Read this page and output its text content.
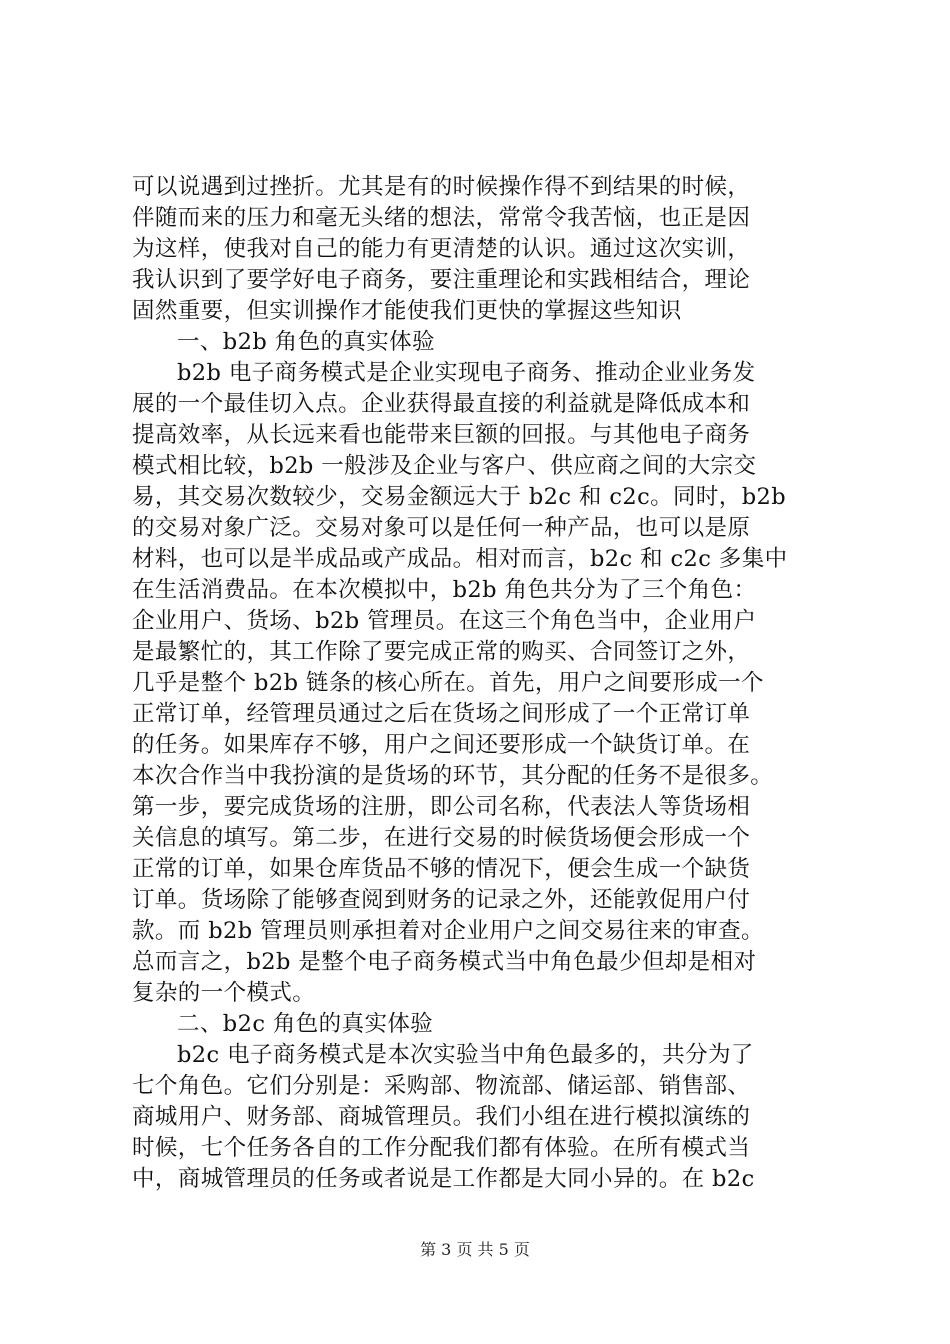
可以说遇到过挫折。尤其是有的时候操作得不到结果的时候，
伴随而来的压力和毫无头绪的想法，常常令我苦恼，也正是因
为这样，使我对自己的能力有更清楚的认识。通过这次实训，
我认识到了要学好电子商务，要注重理论和实践相结合，理论
固然重要，但实训操作才能使我们更快的掌握这些知识
一、b2b 角色的真实体验
b2b 电子商务模式是企业实现电子商务、推动企业业务发
展的一个最佳切入点。企业获得最直接的利益就是降低成本和
提高效率，从长远来看也能带来巨额的回报。与其他电子商务
模式相比较，b2b 一般涉及企业与客户、供应商之间的大宗交
易，其交易次数较少，交易金额远大于 b2c 和 c2c。同时，b2b
的交易对象广泛。交易对象可以是任何一种产品，也可以是原
材料，也可以是半成品或产成品。相对而言，b2c 和 c2c 多集中
在生活消费品。在本次模拟中，b2b 角色共分为了三个角色：
企业用户、货场、b2b 管理员。在这三个角色当中，企业用户
是最繁忙的，其工作除了要完成正常的购买、合同签订之外，
几乎是整个 b2b 链条的核心所在。首先，用户之间要形成一个
正常订单，经管理员通过之后在货场之间形成了一个正常订单
的任务。如果库存不够，用户之间还要形成一个缺货订单。在
本次合作当中我扮演的是货场的环节，其分配的任务不是很多。
第一步，要完成货场的注册，即公司名称，代表法人等货场相
关信息的填写。第二步，在进行交易的时候货场便会形成一个
正常的订单，如果仓库货品不够的情况下，便会生成一个缺货
订单。货场除了能够查阅到财务的记录之外，还能敦促用户付
款。而 b2b 管理员则承担着对企业用户之间交易往来的审查。
总而言之，b2b 是整个电子商务模式当中角色最少但却是相对
复杂的一个模式。
二、b2c 角色的真实体验
b2c 电子商务模式是本次实验当中角色最多的，共分为了
七个角色。它们分别是：采购部、物流部、储运部、销售部、
商城用户、财务部、商城管理员。我们小组在进行模拟演练的
时候，七个任务各自的工作分配我们都有体验。在所有模式当
中，商城管理员的任务或者说是工作都是大同小异的。在 b2c
第 3 页 共 5 页
